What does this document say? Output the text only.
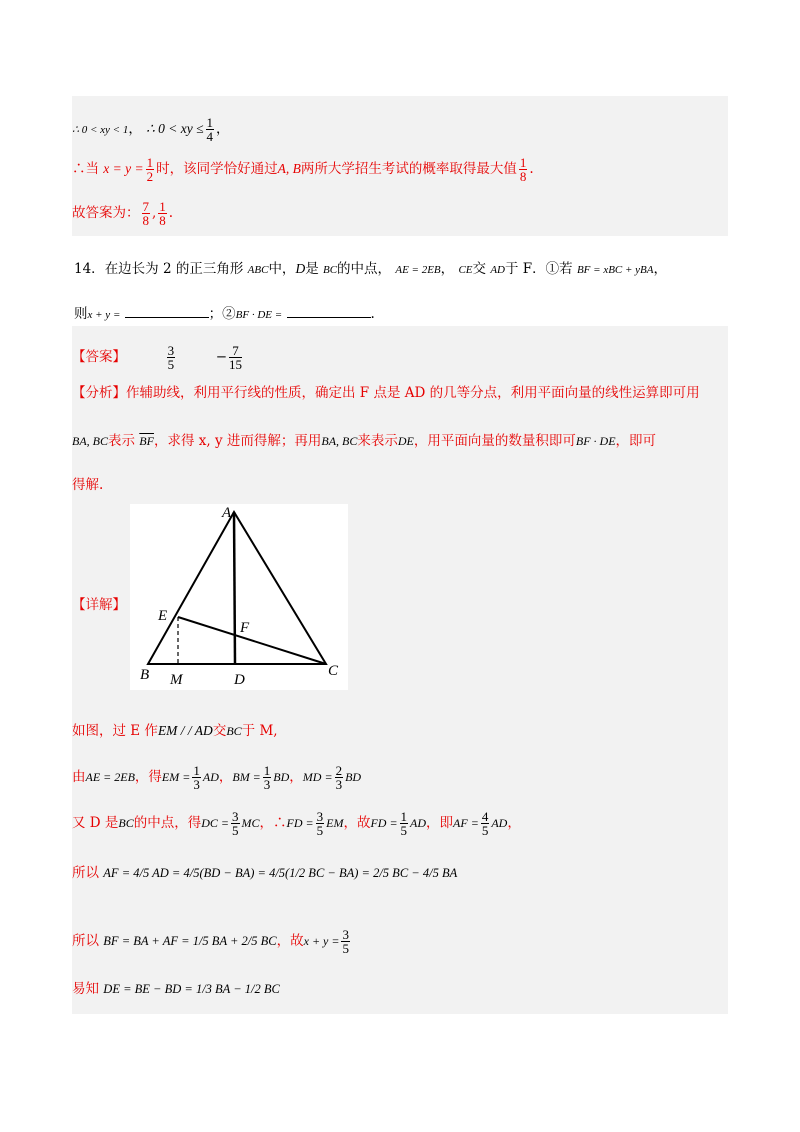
∴ 0 < xy < 1， ∴ 0 < xy ≤ $\frac{1}{4}$ ，
∴当 $x = y = \frac{1}{2}$ 时，该同学恰好通过A, B两所大学招生考试的概率取得最大值 $\frac{1}{8}$ .
故答案为： $\frac{7}{8}$ , $\frac{1}{8}$ .
14．在边长为 2 的正三角形 ABC中，D是 BC的中点， AE = 2EB， CE交 AD于 F．①若 BF = xBC + yBA，
则x + y =	；②BF · DE =	.
【答案】	$\frac{3}{5}$	− $\frac{7}{15}$
【分析】作辅助线，利用平行线的性质，确定出 F 点是 AD 的几等分点，利用平面向量的线性运算即可用
BA, BC表示 $\overline{BF}$，求得 x, y 进而得解；再用BA, BC来表示DE，用平面向量的数量积即可BF · DE，即可
得解.
【详解】
如图，过 E 作EM / / AD交BC于 M,
由AE = 2EB，得EM = $\frac{1}{3}$ AD，BM = $\frac{1}{3}$ BD，MD = $\frac{2}{3}$ BD
又 D 是BC的中点，得DC = $\frac{3}{5}$ MC，∴FD = $\frac{3}{5}$ EM，故FD = $\frac{1}{5}$ AD，即AF = $\frac{4}{5}$ AD，
所以 AF = 4/5 AD = 4/5(BD − BA) = 4/5(1/2 BC − BA) = 2/5 BC − 4/5 BA
所以 BF = BA + AF = 1/5 BA + 2/5 BC，故$x + y = \frac{3}{5}$
易知 DE = BE − BD = 1/3 BA − 1/2 BC
A
E
F
B M	D
C
